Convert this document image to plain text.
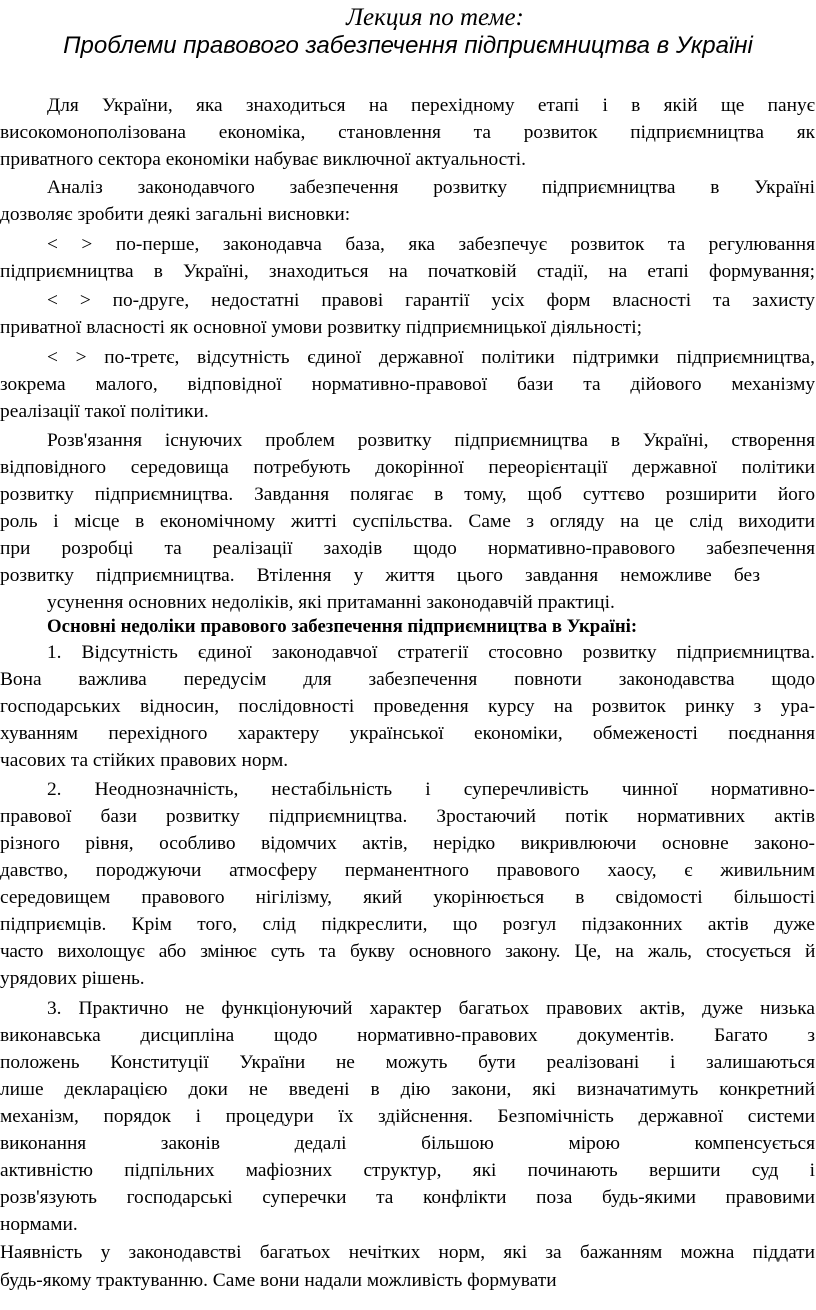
Лекция по теме:
Проблеми правового забезпечення підприємництва в Україні
Для України, яка знаходиться на перехідному етапі і в якій ще панує
високомонополізована економіка, становлення та розвиток підприємництва як
приватного сектора економіки набуває виключної актуальності.
Аналіз законодавчого забезпечення розвитку підприємництва в Україні
дозволяє зробити деякі загальні висновки:
< > по-перше, законодавча база, яка забезпечує розвиток та регулювання
підприємництва в Україні, знаходиться на початковій стадії, на етапі формування;
< > по-друге, недостатні правові гарантії усіх форм власності та захисту
приватної власності як основної умови розвитку підприємницької діяльності;
< > по-третє, відсутність єдиної державної політики підтримки підприємництва,
зокрема малого, відповідної нормативно-правової бази та дійового механізму
реалізації такої політики.
Розв'язання існуючих проблем розвитку підприємництва в Україні, створення
відповідного середовища потребують докорінної переорієнтації державної політики
розвитку підприємництва. Завдання полягає в тому, щоб суттєво розширити його
роль і місце в економічному житті суспільства. Саме з огляду на це слід виходити
при розробці та реалізації заходів щодо нормативно-правового забезпечення
розвитку підприємництва. Втілення у життя цього завдання неможливе без
усунення основних недоліків, які притаманні законодавчій практиці.
Основні недоліки правового забезпечення підприємництва в Україні:
1. Відсутність єдиної законодавчої стратегії стосовно розвитку підприємництва.
Вона важлива передусім для забезпечення повноти законодавства щодо
господарських відносин, послідовності проведення курсу на розвиток ринку з ура-
хуванням перехідного характеру української економіки, обмеженості поєднання
часових та стійких правових норм.
2. Неоднозначність, нестабільність і суперечливість чинної нормативно-
правової бази розвитку підприємництва. Зростаючий потік нормативних актів
різного рівня, особливо відомчих актів, нерідко викривлюючи основне законо-
давство, породжуючи атмосферу перманентного правового хаосу, є живильним
середовищем правового нігілізму, який укорінюється в свідомості більшості
підприємців. Крім того, слід підкреслити, що розгул підзаконних актів дуже
часто вихолощує або змінює суть та букву основного закону. Це, на жаль, стосується й
урядових рішень.
3. Практично не функціонуючий характер багатьох правових актів, дуже низька
виконавська дисципліна щодо нормативно-правових документів. Багато з
положень Конституції України не можуть бути реалізовані і залишаються
лише декларацією доки не введені в дію закони, які визначатимуть конкретний
механізм, порядок і процедури їх здійснення. Безпомічність державної системи
виконання законів дедалі більшою мірою компенсується
активністю підпільних мафіозних структур, які починають вершити суд і
розв'язують господарські суперечки та конфлікти поза будь-якими правовими
нормами.
Наявність у законодавстві багатьох нечітких норм, які за бажанням можна піддати
будь-якому трактуванню. Саме вони надали можливість формувати
